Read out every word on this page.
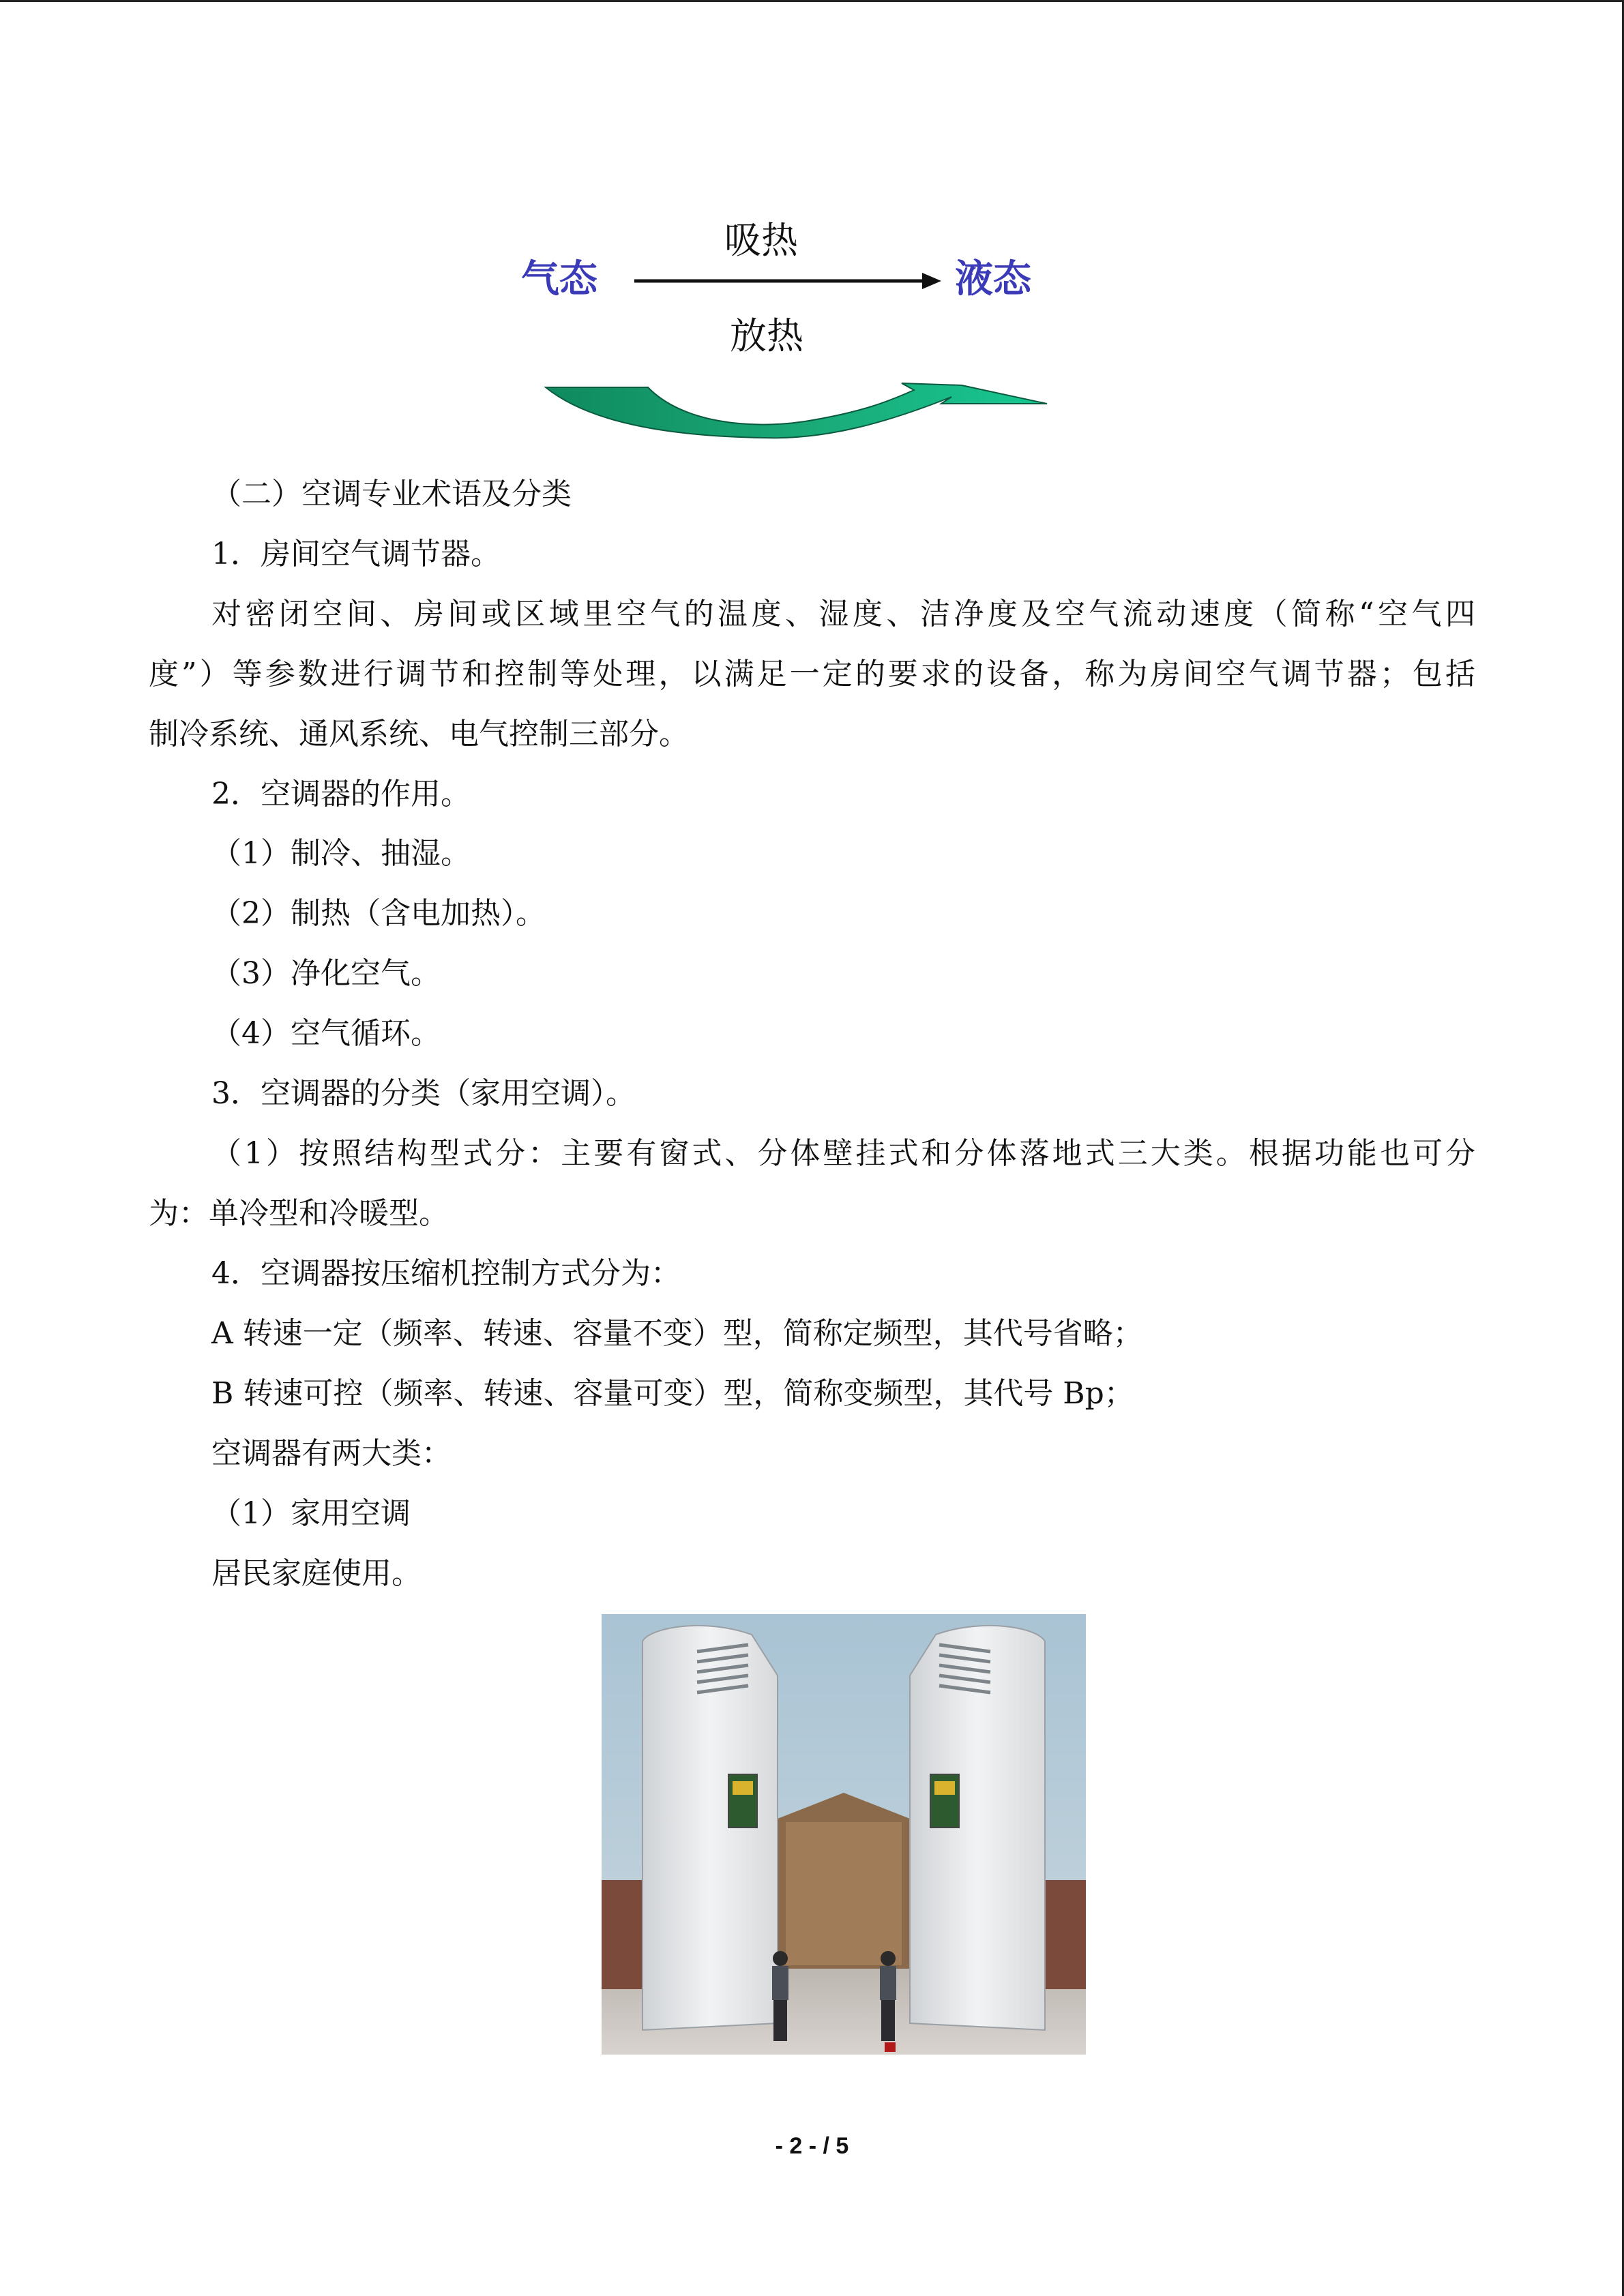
吸热
气态	液态
放热

（二）空调专业术语及分类

1．房间空气调节器。

对密闭空间、房间或区域里空气的温度、湿度、洁净度及空气流动速度（简称“空气四

度”）等参数进行调节和控制等处理，以满足一定的要求的设备，称为房间空气调节器；包括

制冷系统、通风系统、电气控制三部分。

2．空调器的作用。

（1）制冷、抽湿。

（2）制热（含电加热）。

（3）净化空气。

（4）空气循环。

3．空调器的分类（家用空调）。

（1）按照结构型式分：主要有窗式、分体壁挂式和分体落地式三大类。根据功能也可分

为：单冷型和冷暖型。

4．空调器按压缩机控制方式分为：

A 转速一定（频率、转速、容量不变）型，简称定频型，其代号省略；

B 转速可控（频率、转速、容量可变）型，简称变频型，其代号 Bp；

空调器有两大类：

（1）家用空调

居民家庭使用。

- 2 - / 5
